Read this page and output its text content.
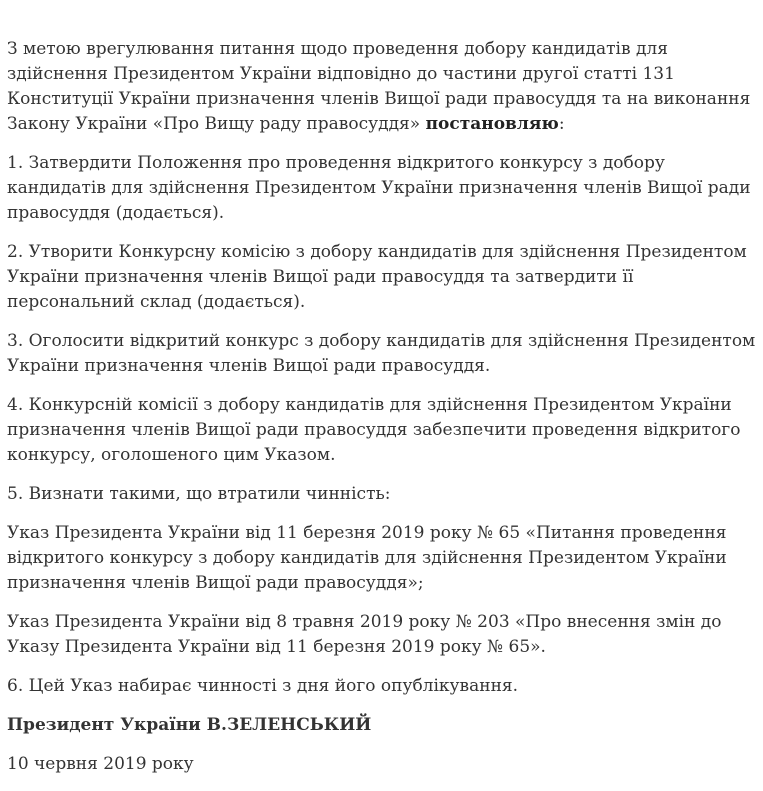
З метою врегулювання питання щодо проведення добору кандидатів для здійснення Президентом України відповідно до частини другої статті 131 Конституції України призначення членів Вищої ради правосуддя та на виконання Закону України «Про Вищу раду правосуддя» постановляю:

1. Затвердити Положення про проведення відкритого конкурсу з добору кандидатів для здійснення Президентом України призначення членів Вищої ради правосуддя (додається).

2. Утворити Конкурсну комісію з добору кандидатів для здійснення Президентом України призначення членів Вищої ради правосуддя та затвердити її персональний склад (додається).

3. Оголосити відкритий конкурс з добору кандидатів для здійснення Президентом України призначення членів Вищої ради правосуддя.

4. Конкурсній комісії з добору кандидатів для здійснення Президентом України призначення членів Вищої ради правосуддя забезпечити проведення відкритого конкурсу, оголошеного цим Указом.

5. Визнати такими, що втратили чинність:

Указ Президента України від 11 березня 2019 року № 65 «Питання проведення відкритого конкурсу з добору кандидатів для здійснення Президентом України призначення членів Вищої ради правосуддя»;

Указ Президента України від 8 травня 2019 року № 203 «Про внесення змін до Указу Президента України від 11 березня 2019 року № 65».

6. Цей Указ набирає чинності з дня його опублікування.

Президент України В.ЗЕЛЕНСЬКИЙ

10 червня 2019 року
